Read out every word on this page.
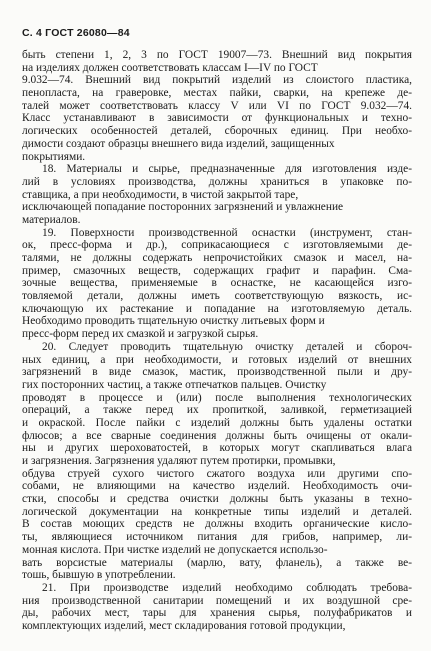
С. 4 ГОСТ 26080—84
быть степени 1, 2, 3 по ГОСТ 19007—73. Внешний вид покрытия
на изделиях должен соответствовать классам I—IV по ГОСТ
9.032—74. Внешний вид покрытий изделий из слоистого пластика,
пенопласта, на граверовке, местах пайки, сварки, на крепеже де-
талей может соответствовать классу V или VI по ГОСТ 9.032—74.
Класс устанавливают в зависимости от функциональных и техно-
логических особенностей деталей, сборочных единиц. При необхо-
димости создают образцы внешнего вида изделий, защищенных
покрытиями.
18. Материалы и сырье, предназначенные для изготовления изде-
лий в условиях производства, должны храниться в упаковке по-
ставщика, а при необходимости, в чистой закрытой таре,
исключающей попадание посторонних загрязнений и увлажнение
материалов.
19. Поверхности производственной оснастки (инструмент, стан-
ок, пресс-форма и др.), соприкасающиеся с изготовляемыми де-
талями, не должны содержать непрочистойких смазок и масел, на-
пример, смазочных веществ, содержащих графит и парафин. Сма-
зочные вещества, применяемые в оснастке, не касающейся изго-
товляемой детали, должны иметь соответствующую вязкость, ис-
ключающую их растекание и попадание на изготовляемую деталь.
Необходимо проводить тщательную очистку литьевых форм и
пресс-форм перед их смазкой и загрузкой сырья.
20. Следует проводить тщательную очистку деталей и сбороч-
ных единиц, а при необходимости, и готовых изделий от внешних
загрязнений в виде смазок, мастик, производственной пыли и дру-
гих посторонних частиц, а также отпечатков пальцев. Очистку
проводят в процессе и (или) после выполнения технологических
операций, а также перед их пропиткой, заливкой, герметизацией
и окраской. После пайки с изделий должны быть удалены остатки
флюсов; а все сварные соединения должны быть очищены от окали-
ны и других шероховатостей, в которых могут скапливаться влага
и загрязнения. Загрязнения удаляют путем протирки, промывки,
обдува струей сухого чистого сжатого воздуха или другими спо-
собами, не влияющими на качество изделий. Необходимость очи-
стки, способы и средства очистки должны быть указаны в техно-
логической документации на конкретные типы изделий и деталей.
В состав моющих средств не должны входить органические кисло-
ты, являющиеся источником питания для грибов, например, ли-
монная кислота. При чистке изделий не допускается использо-
вать ворсистые материалы (марлю, вату, фланель), а также ве-
тошь, бывшую в употреблении.
21. При производстве изделий необходимо соблюдать требова-
ния производственной санитарии помещений и их воздушной сре-
ды, рабочих мест, тары для хранения сырья, полуфабрикатов и
комплектующих изделий, мест складирования готовой продукции,
